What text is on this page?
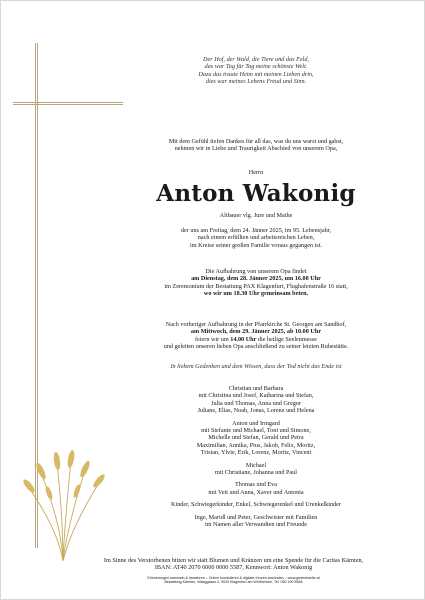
Der Hof, der Wald, die Tiere und das Feld,

das war Tag für Tag meine schönste Welt.

Dazu das traute Heim mit meinen Lieben drin,

dies war meines Lebens Freud und Sinn.

Mit dem Gefühl tiefen Dankes für all das, was du uns warst und gabst,

nehmen wir in Liebe und Traurigkeit Abschied von unserem Opa,

Herrn

Anton Wakonig

Altbauer vlg. Jure und Mathe

der uns am Freitag, dem 24. Jänner 2025, im 95. Lebensjahr,

nach einem erfüllten und arbeitsreichen Leben,

im Kreise seiner großen Familie voraus gegangen ist.

Die Aufbahrung von unserem Opa findet

am Dienstag, dem 28. Jänner 2025, um 16.00 Uhr

im Zeremonium der Bestattung PAX Klagenfurt, Flughafenstraße 16 statt,

wo wir um 18.30 Uhr gemeinsam beten.

Nach vorheriger Aufbahrung in der Pfarrkirche St. Georgen am Sandhof,

am Mittwoch, dem 29. Jänner 2025, ab 10.00 Uhr

feiern wir um 14.00 Uhr die heilige Seelenmesse

und geleiten unseren lieben Opa anschließend zu seiner letzten Ruhestätte.

In liebem Gedenken und dem Wissen, dass der Tod nicht das Ende ist

Christian und Barbara

mit Christina und Josef, Katharina und Stefan,

Julia und Thomas, Anna und Gregor

Juliane, Elias, Noah, Jonas, Lorenz und Helena

Anton und Irmgard

mit Stefanie und Michael, Toni und Simone,

Michelle und Stefan, Gerald und Petra

Maximilian, Annika, Pius, Jakob, Felix, Moritz,

Tristan, Ylvie, Erik, Lorenz, Moritz, Vincent

Michael

mit Christiane, Johanna und Paul

Thomas und Eva

mit Veit und Anna, Xaver und Antonia

Kinder, Schwiegerkinder, Enkel, Schwiegerenkel und Urenkelkinder

Inge, Maridl und Peter, Geschwister mit Familien

im Namen aller Verwandten und Freunde

Im Sinne des Verstorbenen bitten wir statt Blumen und Kränzen um eine Spende für die Caritas Kärnten,

IBAN: AT40 2070 6000 0000 5587, Kennwort: Anton Wakonig

Erinnerungen sammeln & bewahren – Online kondolieren & digitale Kerzen anzünden – www.gedenkseite.at

Bestattung Kärnten, Waaggasse 2, 9020 Klagenfurt am Wörthersee, Tel. 050 190 8548
